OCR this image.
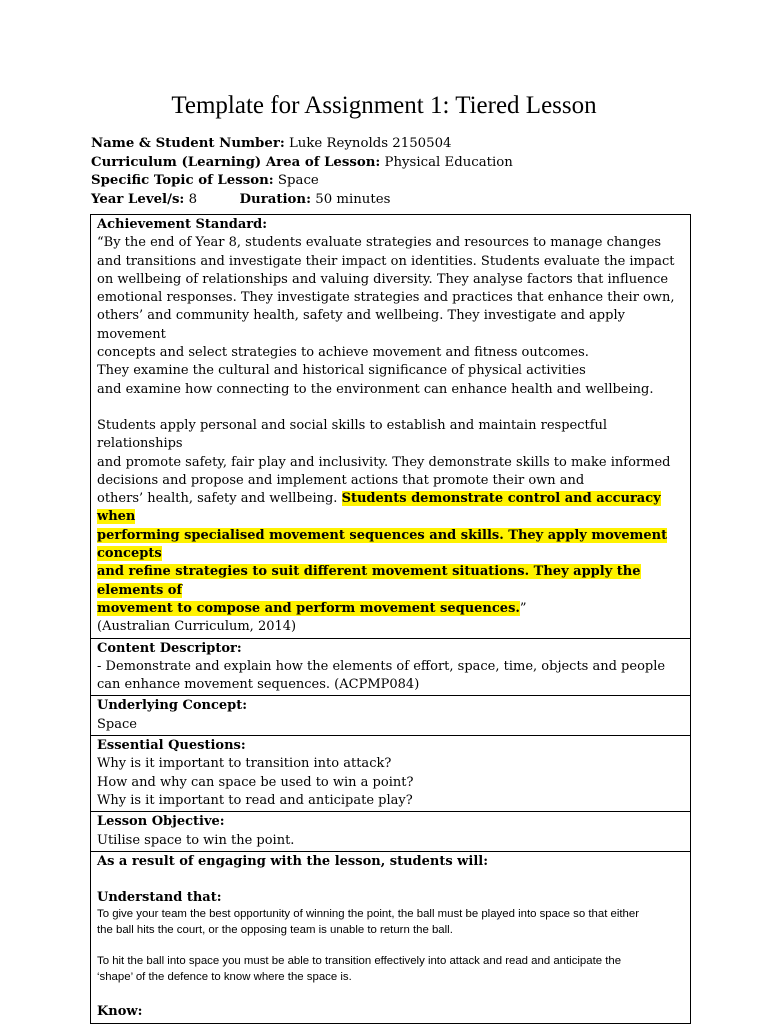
Template for Assignment 1: Tiered Lesson
Name & Student Number: Luke Reynolds 2150504
Curriculum (Learning) Area of Lesson: Physical Education
Specific Topic of Lesson: Space
Year Level/s: 8	Duration: 50 minutes
Achievement Standard:
“By the end of Year 8, students evaluate strategies and resources to manage changes
and transitions and investigate their impact on identities. Students evaluate the impact
on wellbeing of relationships and valuing diversity. They analyse factors that influence
emotional responses. They investigate strategies and practices that enhance their own,
others’ and community health, safety and wellbeing. They investigate and apply movement
concepts and select strategies to achieve movement and fitness outcomes.
They examine the cultural and historical significance of physical activities
and examine how connecting to the environment can enhance health and wellbeing.
Students apply personal and social skills to establish and maintain respectful relationships
and promote safety, fair play and inclusivity. They demonstrate skills to make informed
decisions and propose and implement actions that promote their own and
others’ health, safety and wellbeing. Students demonstrate control and accuracy when
performing specialised movement sequences and skills. They apply movement concepts
and refine strategies to suit different movement situations. They apply the elements of
movement to compose and perform movement sequences.”
(Australian Curriculum, 2014)

Content Descriptor:
- Demonstrate and explain how the elements of effort, space, time, objects and people
can enhance movement sequences. (ACPMP084)

Underlying Concept:
Space

Essential Questions:
Why is it important to transition into attack?
How and why can space be used to win a point?
Why is it important to read and anticipate play?

Lesson Objective:
Utilise space to win the point.

As a result of engaging with the lesson, students will:
Understand that:

To give your team the best opportunity of winning the point, the ball must be played into space so that either
the ball hits the court, or the opposing team is unable to return the ball.

To hit the ball into space you must be able to transition effectively into attack and read and anticipate the
‘shape’ of the defence to know where the space is.

Know:
